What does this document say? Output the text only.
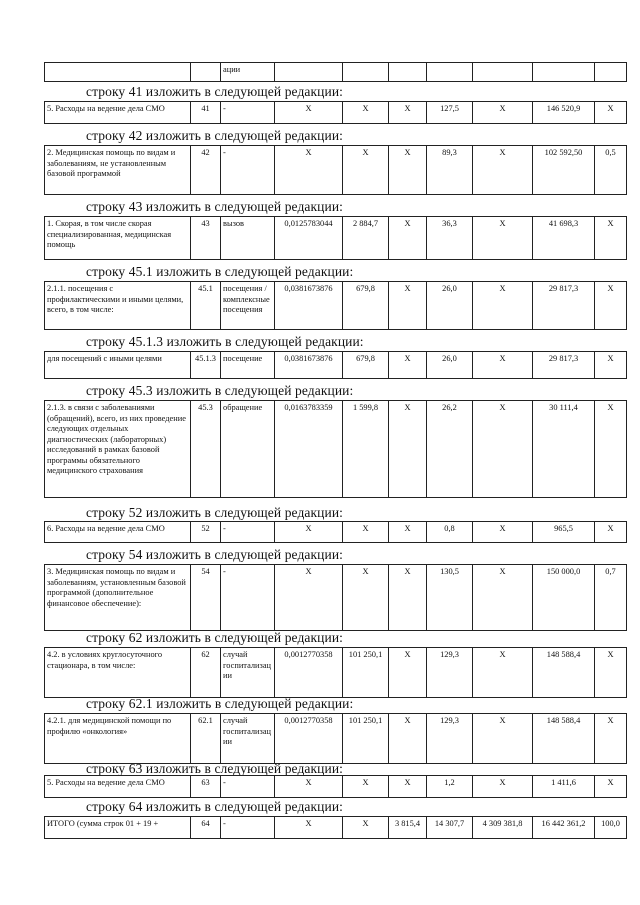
		ации							
строку 41 изложить в следующей редакции:
5. Расходы на ведение дела СМО	41	-	X	X	X	127,5	X	146 520,9	X
строку 42 изложить в следующей редакции:
2. Медицинская помощь по видам и заболеваниям, не установленным базовой программой	42	-	X	X	X	89,3	X	102 592,50	0,5
строку 43 изложить в следующей редакции:
1. Скорая, в том числе скорая специализированная, медицинская помощь	43	вызов	0,0125783044	2 884,7	X	36,3	X	41 698,3	X
строку 45.1 изложить в следующей редакции:
2.1.1. посещения с профилактическими и иными целями, всего, в том числе:	45.1	посещения /комплексные посещения	0,0381673876	679,8	X	26,0	X	29 817,3	X
строку 45.1.3 изложить в следующей редакции:
для посещений с иными целями	45.1.3	посещение	0,0381673876	679,8	X	26,0	X	29 817,3	X
строку 45.3 изложить в следующей редакции:
2.1.3. в связи с заболеваниями (обращений), всего, из них проведение следующих отдельных диагностических (лабораторных) исследований в рамках базовой программы обязательного медицинского страхования	45.3	обращение	0,0163783359	1 599,8	X	26,2	X	30 111,4	X
строку 52 изложить в следующей редакции:
6. Расходы на ведение дела СМО	52	-	X	X	X	0,8	X	965,5	X
строку 54 изложить в следующей редакции:
3. Медицинская помощь по видам и заболеваниям, установленным базовой программой (дополнительное финансовое обеспечение):	54	-	X	X	X	130,5	X	150 000,0	0,7
строку 62 изложить в следующей редакции:
4.2. в условиях круглосуточного стационара, в том числе:	62	случай госпитализации	0,0012770358	101 250,1	X	129,3	X	148 588,4	X
строку 62.1 изложить в следующей редакции:
4.2.1. для медицинской помощи по профилю «онкология»	62.1	случай госпитализации	0,0012770358	101 250,1	X	129,3	X	148 588,4	X
строку 63 изложить в следующей редакции:
5. Расходы на ведение дела СМО	63	-	X	X	X	1,2	X	1 411,6	X
строку 64 изложить в следующей редакции:
ИТОГО (сумма строк 01 + 19 +	64	-	X	X	3 815,4	14 307,7	4 309 381,8	16 442 361,2	100,0
